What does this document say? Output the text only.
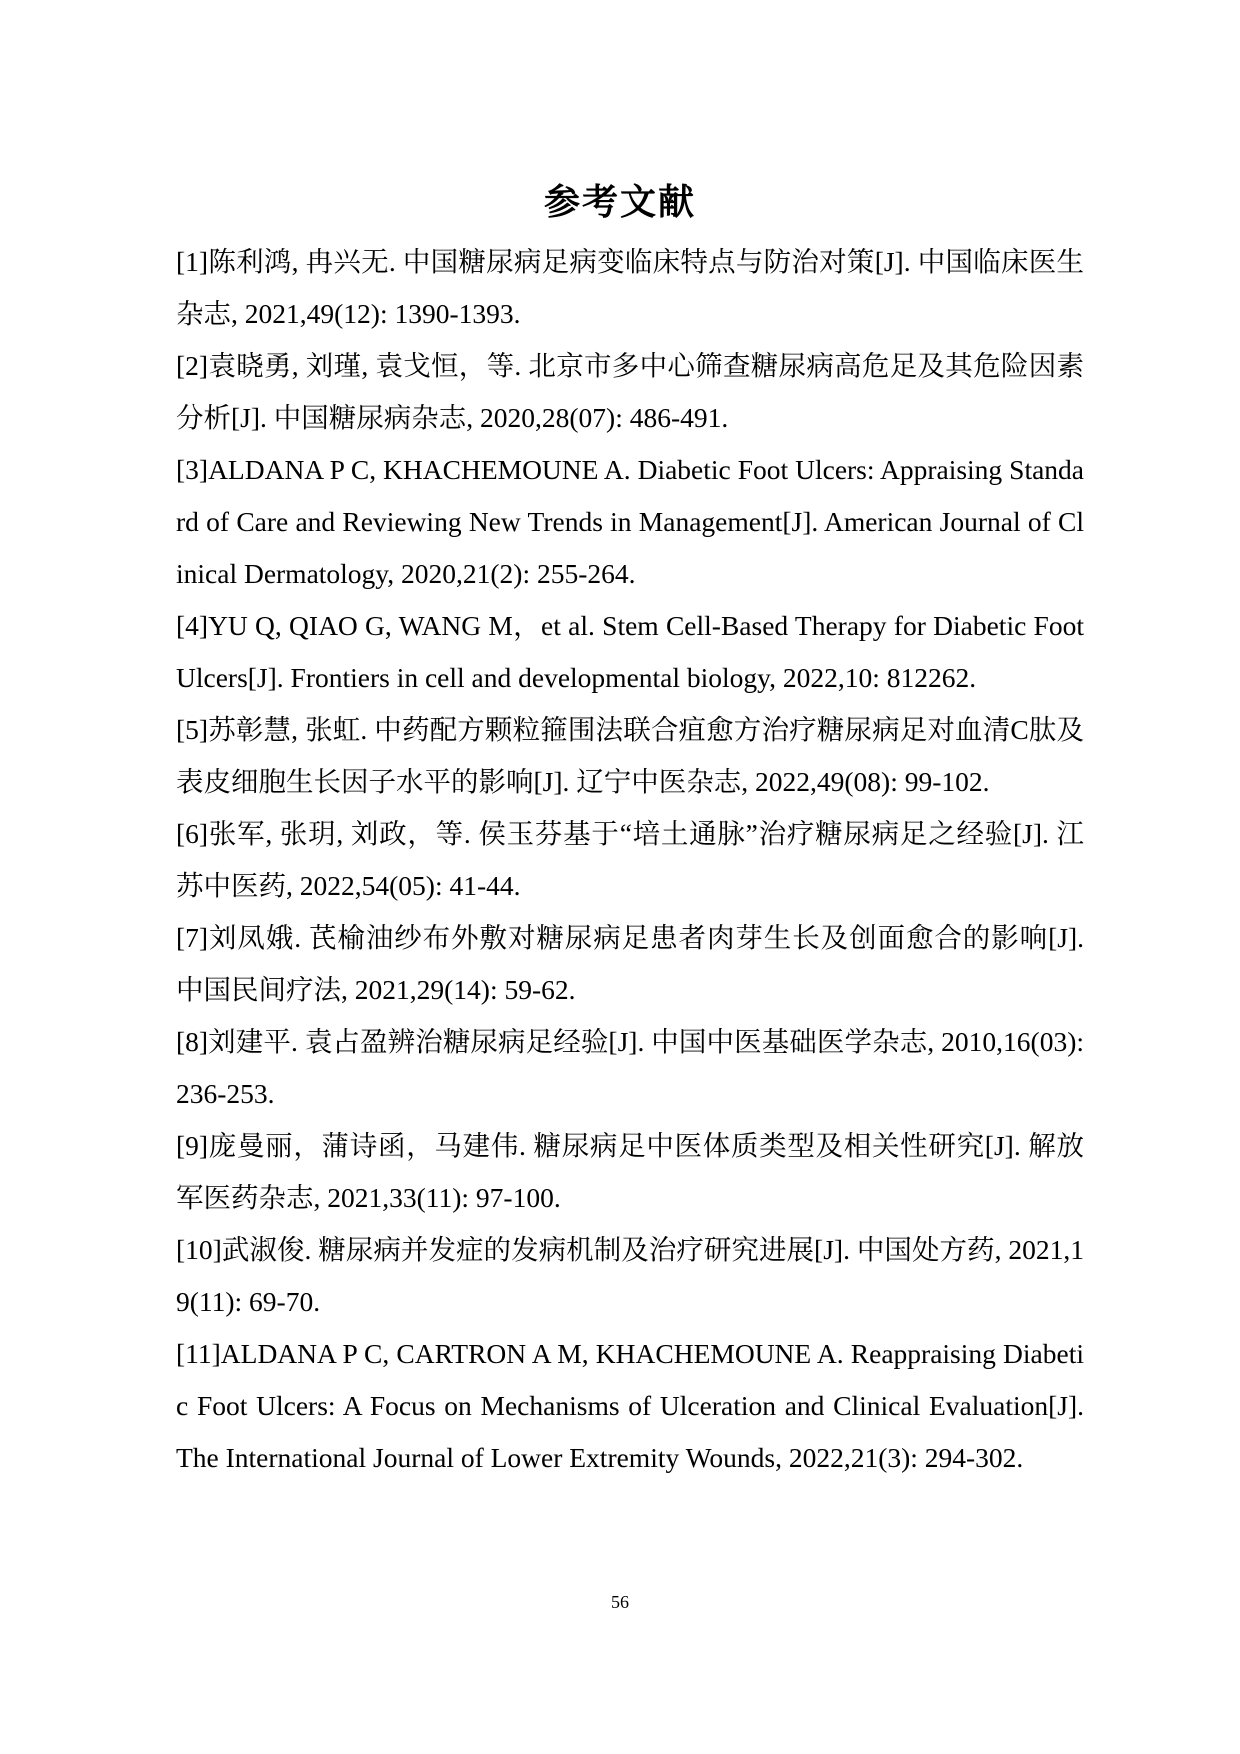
参考文献
[1]陈利鸿, 冉兴无. 中国糖尿病足病变临床特点与防治对策[J]. 中国临床医生杂志, 2021,49(12): 1390-1393.
[2]袁晓勇, 刘瑾, 袁戈恒，等. 北京市多中心筛查糖尿病高危足及其危险因素分析[J]. 中国糖尿病杂志, 2020,28(07): 486-491.
[3]ALDANA P C, KHACHEMOUNE A. Diabetic Foot Ulcers: Appraising Standard of Care and Reviewing New Trends in Management[J]. American Journal of Clinical Dermatology, 2020,21(2): 255-264.
[4]YU Q, QIAO G, WANG M，et al. Stem Cell-Based Therapy for Diabetic Foot Ulcers[J]. Frontiers in cell and developmental biology, 2022,10: 812262.
[5]苏彰慧, 张虹. 中药配方颗粒箍围法联合疽愈方治疗糖尿病足对血清C肽及表皮细胞生长因子水平的影响[J]. 辽宁中医杂志, 2022,49(08): 99-102.
[6]张军, 张玥, 刘政，等. 侯玉芬基于“培土通脉”治疗糖尿病足之经验[J]. 江苏中医药, 2022,54(05): 41-44.
[7]刘凤娥. 芪榆油纱布外敷对糖尿病足患者肉芽生长及创面愈合的影响[J]. 中国民间疗法, 2021,29(14): 59-62.
[8]刘建平. 袁占盈辨治糖尿病足经验[J]. 中国中医基础医学杂志, 2010,16(03): 236-253.
[9]庞曼丽，蒲诗函，马建伟. 糖尿病足中医体质类型及相关性研究[J]. 解放军医药杂志, 2021,33(11): 97-100.
[10]武淑俊. 糖尿病并发症的发病机制及治疗研究进展[J]. 中国处方药, 2021,19(11): 69-70.
[11]ALDANA P C, CARTRON A M, KHACHEMOUNE A. Reappraising Diabetic Foot Ulcers: A Focus on Mechanisms of Ulceration and Clinical Evaluation[J]. The International Journal of Lower Extremity Wounds, 2022,21(3): 294-302.
56
